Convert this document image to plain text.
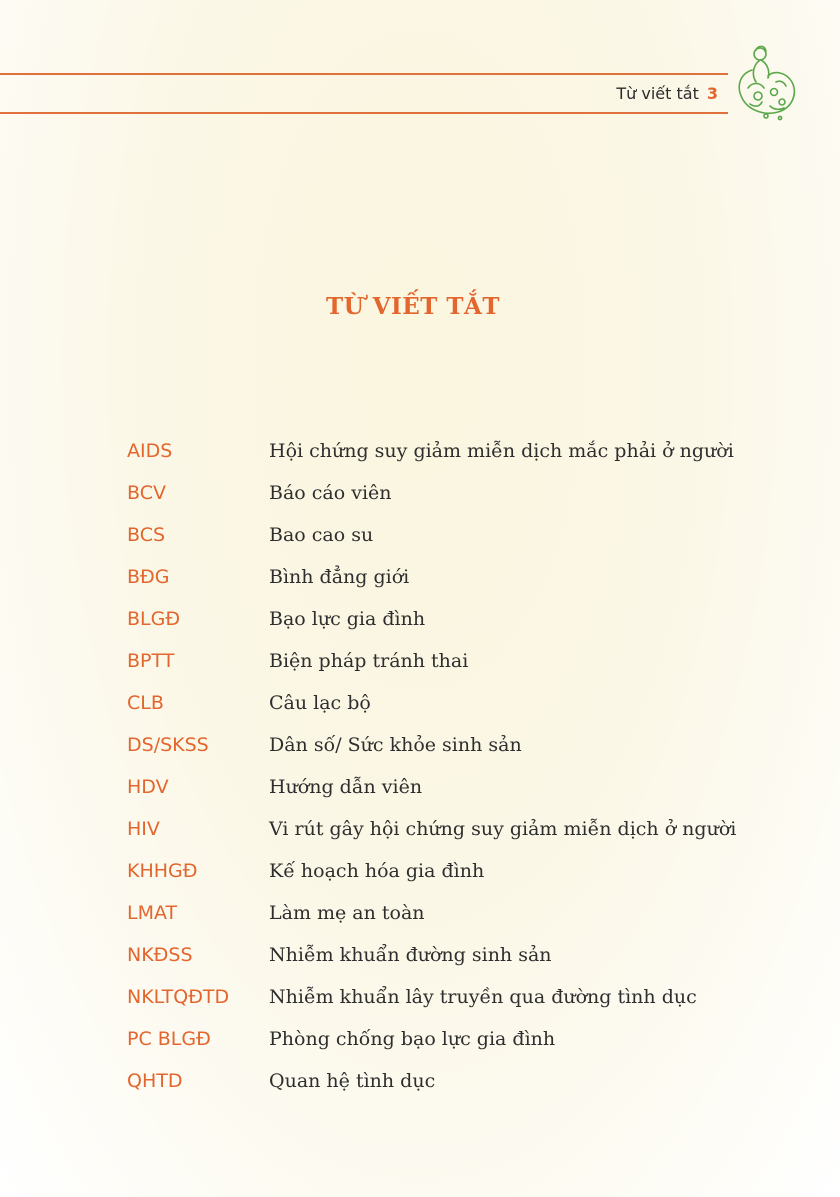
Từ viết tắt 3
TỪ VIẾT TẮT
AIDS	Hội chứng suy giảm miễn dịch mắc phải ở người
BCV	Báo cáo viên
BCS	Bao cao su
BĐG	Bình đẳng giới
BLGĐ	Bạo lực gia đình
BPTT	Biện pháp tránh thai
CLB	Câu lạc bộ
DS/SKSS	Dân số/ Sức khỏe sinh sản
HDV	Hướng dẫn viên
HIV	Vi rút gây hội chứng suy giảm miễn dịch ở người
KHHGĐ	Kế hoạch hóa gia đình
LMAT	Làm mẹ an toàn
NKĐSS	Nhiễm khuẩn đường sinh sản
NKLTQĐTD	Nhiễm khuẩn lây truyền qua đường tình dục
PC BLGĐ	Phòng chống bạo lực gia đình
QHTD	Quan hệ tình dục
